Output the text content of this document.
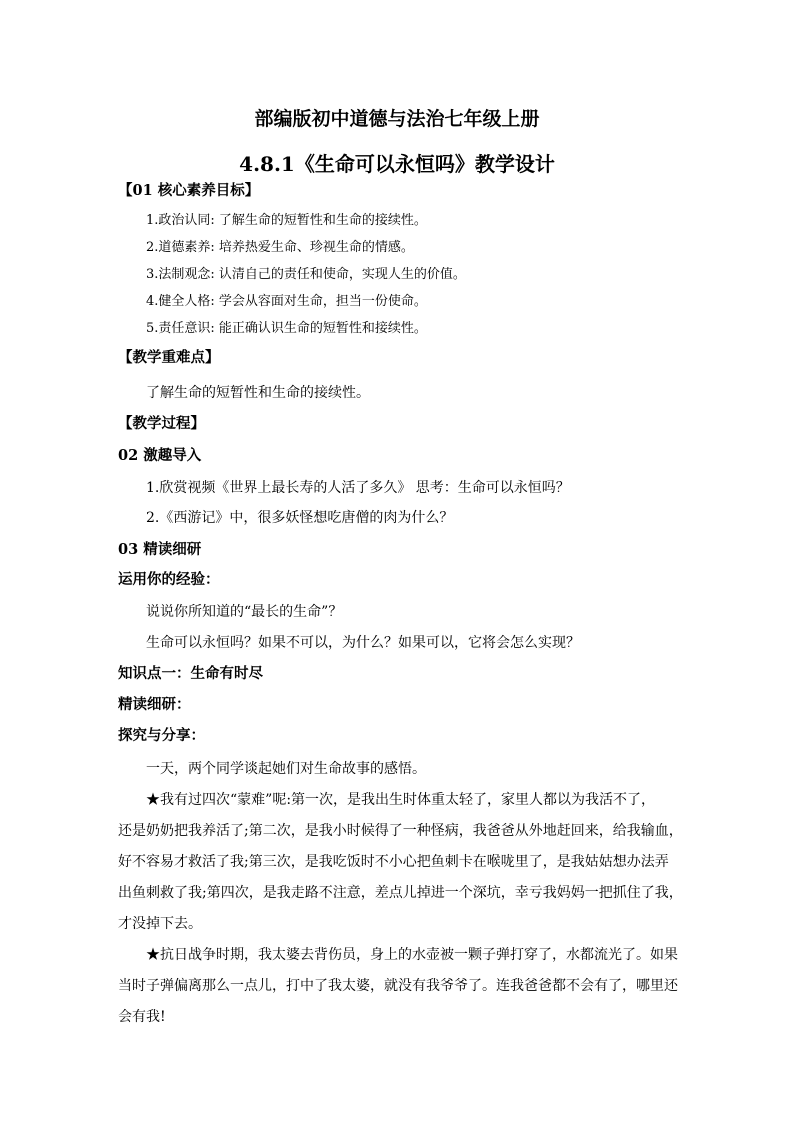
部编版初中道德与法治七年级上册
4.8.1《生命可以永恒吗》教学设计
【01 核心素养目标】
1.政治认同: 了解生命的短暂性和生命的接续性。
2.道德素养: 培养热爱生命、珍视生命的情感。
3.法制观念: 认清自己的责任和使命，实现人生的价值。
4.健全人格: 学会从容面对生命，担当一份使命。
5.责任意识: 能正确认识生命的短暂性和接续性。
【教学重难点】
了解生命的短暂性和生命的接续性。
【教学过程】
02 激趣导入
1.欣赏视频《世界上最长寿的人活了多久》 思考：生命可以永恒吗？
2.《西游记》中，很多妖怪想吃唐僧的肉为什么？
03 精读细研
运用你的经验：
说说你所知道的“最长的生命”？
生命可以永恒吗？如果不可以，为什么？如果可以，它将会怎么实现？
知识点一：生命有时尽
精读细研：
探究与分享：
一天，两个同学谈起她们对生命故事的感悟。
★我有过四次“蒙难”呢:第一次，是我出生时体重太轻了，家里人都以为我活不了，
还是奶奶把我养活了;第二次，是我小时候得了一种怪病，我爸爸从外地赶回来，给我输血，
好不容易才救活了我;第三次，是我吃饭时不小心把鱼刺卡在喉咙里了，是我姑姑想办法弄
出鱼刺救了我;第四次，是我走路不注意，差点儿掉进一个深坑，幸亏我妈妈一把抓住了我，
才没掉下去。
★抗日战争时期，我太婆去背伤员，身上的水壶被一颗子弹打穿了，水都流光了。如果
当时子弹偏离那么一点儿，打中了我太婆，就没有我爷爷了。连我爸爸都不会有了，哪里还
会有我!
